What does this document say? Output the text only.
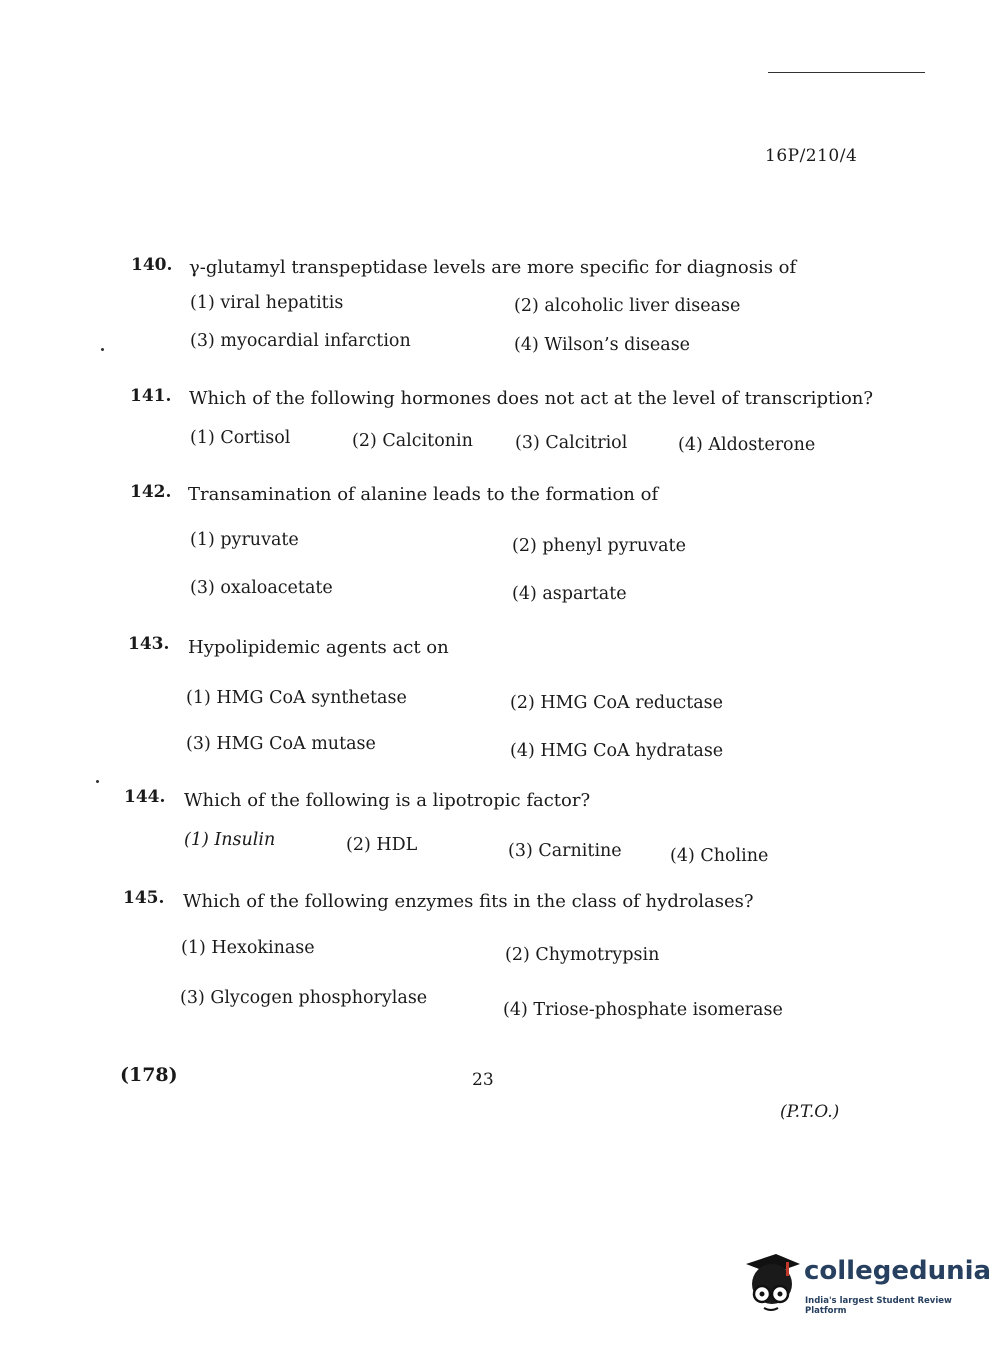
16P/210/4
140. γ-glutamyl transpeptidase levels are more specific for diagnosis of
(1) viral hepatitis	(2) alcoholic liver disease
(3) myocardial infarction	(4) Wilson’s disease
141. Which of the following hormones does not act at the level of transcription?
(1) Cortisol	(2) Calcitonin (3) Calcitriol	(4) Aldosterone
142. Transamination of alanine leads to the formation of
(1) pyruvate	(2) phenyl pyruvate
(3) oxaloacetate	(4) aspartate
143. Hypolipidemic agents act on
(1) HMG CoA synthetase	(2) HMG CoA reductase
(3) HMG CoA mutase	(4) HMG CoA hydratase
144. Which of the following is a lipotropic factor?
(1) Insulin	(2) HDL	(3) Carnitine	(4) Choline
145. Which of the following enzymes fits in the class of hydrolases?
(1) Hexokinase	(2) Chymotrypsin
(3) Glycogen phosphorylase
(4) Triose-phosphate isomerase
(178)	23
(P.T.O.)
collegedunia
India's largest Student Review Platform
